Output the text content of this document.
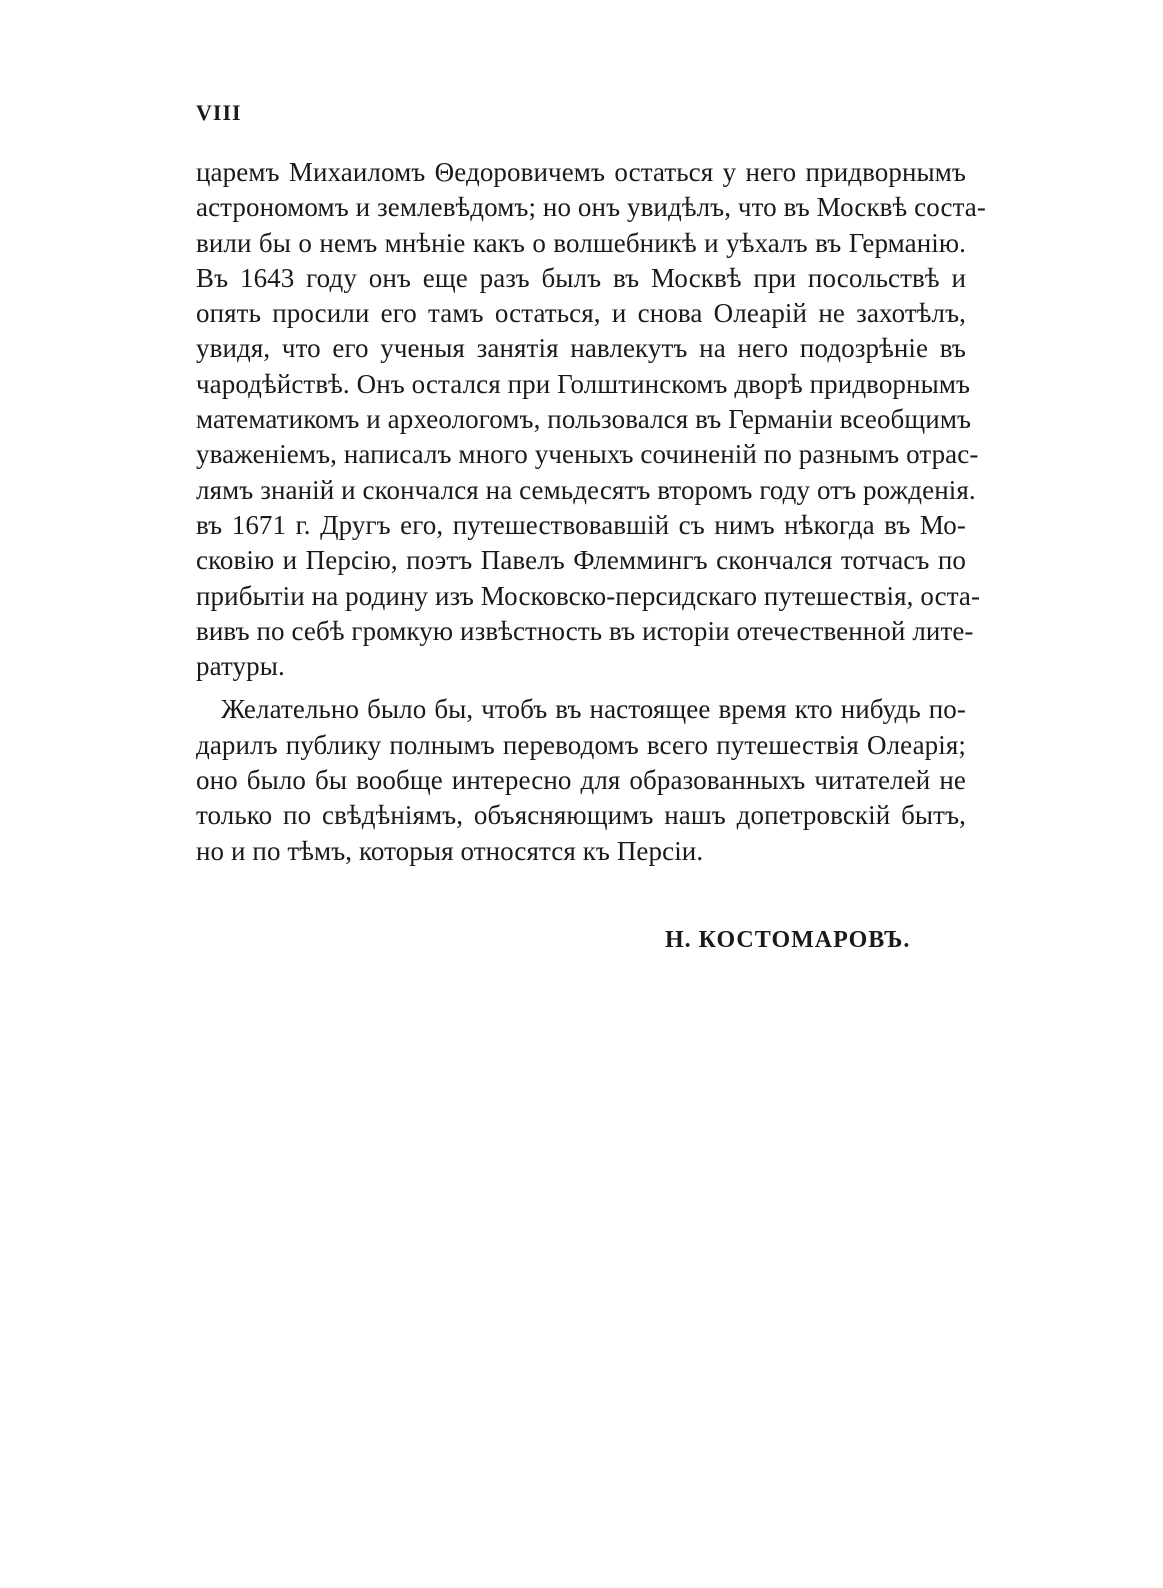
VIII
царемъ Михаиломъ Θедоровичемъ остаться у него придворнымъ
астрономомъ и землевѣдомъ; но онъ увидѣлъ, что въ Москвѣ соста-
вили бы о немъ мнѣніе какъ о волшебникѣ и уѣхалъ въ Германію.
Въ 1643 году онъ еще разъ былъ въ Москвѣ при посольствѣ и
опять просили его тамъ остаться, и снова Олеарій не захотѣлъ,
увидя, что его ученыя занятія навлекутъ на него подозрѣніе въ
чародѣйствѣ. Онъ остался при Голштинскомъ дворѣ придворнымъ
математикомъ и археологомъ, пользовался въ Германіи всеобщимъ
уваженіемъ, написалъ много ученыхъ сочиненій по разнымъ отрас-
лямъ знаній и скончался на семьдесятъ второмъ году отъ рожденія.
въ 1671 г. Другъ его, путешествовавшій съ нимъ нѣкогда въ Мо-
сковію и Персію, поэтъ Павелъ Флеммингъ скончался тотчасъ по
прибытіи на родину изъ Московско-персидскаго путешествія, оста-
вивъ по себѣ громкую извѣстность въ исторіи отечественной лите-
ратуры.
Желательно было бы, чтобъ въ настоящее время кто нибудь по-
дарилъ публику полнымъ переводомъ всего путешествія Олеарія;
оно было бы вообще интересно для образованныхъ читателей не
только по свѣдѣніямъ, объясняющимъ нашъ допетровскій бытъ,
но и по тѣмъ, которыя относятся къ Персіи.
Н. КОСТОМАРОВЪ.
